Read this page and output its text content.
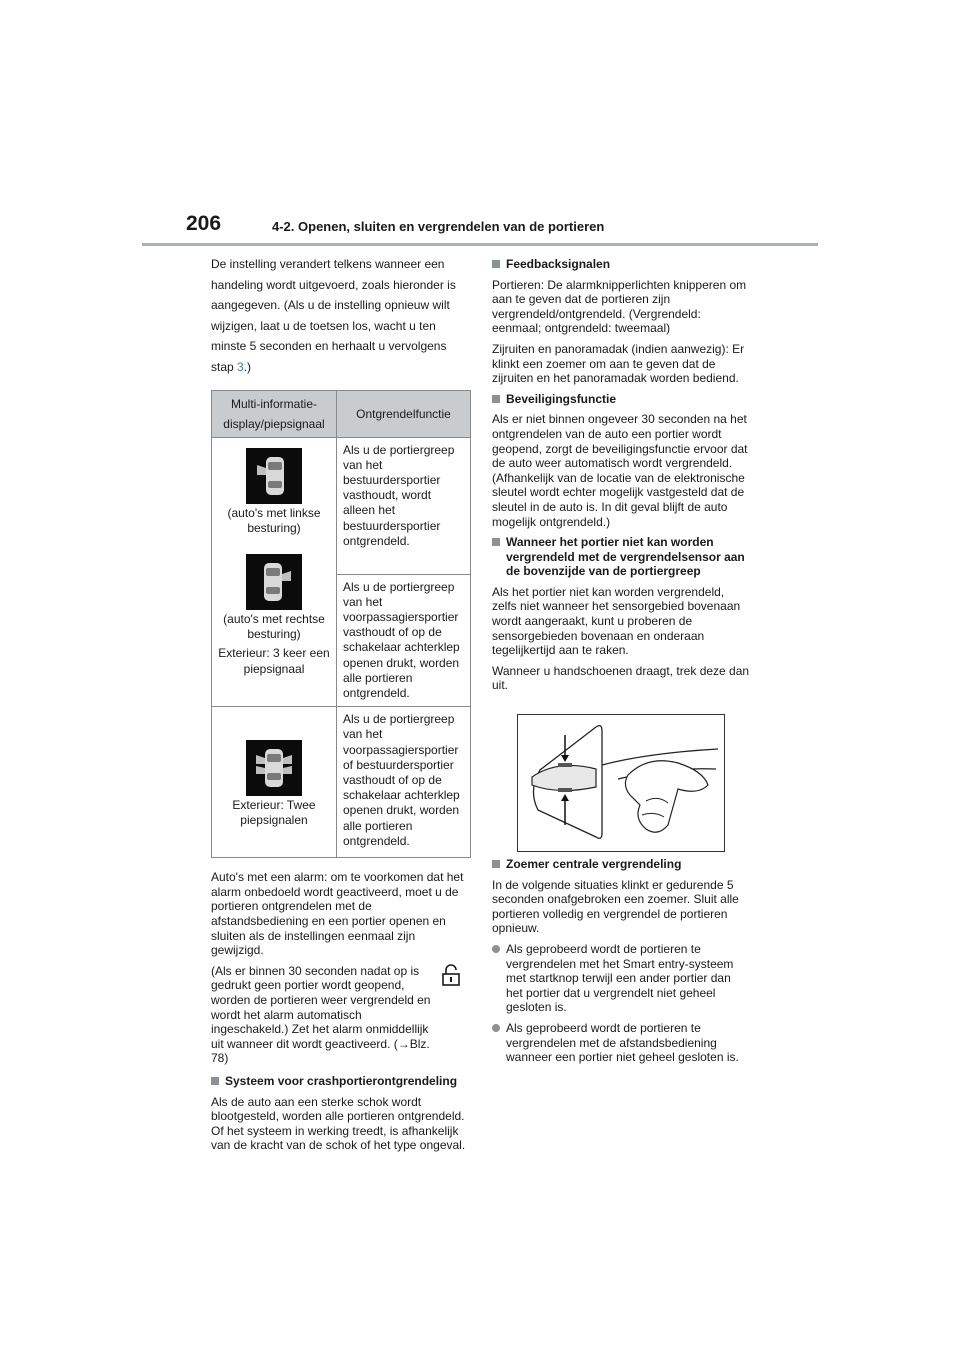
206	4-2. Openen, sluiten en vergrendelen van de portieren

De instelling verandert telkens wanneer een handeling wordt uitgevoerd, zoals hieronder is aangegeven. (Als u de instelling opnieuw wilt wijzigen, laat u de toetsen los, wacht u ten minste 5 seconden en herhaalt u vervolgens stap 3.)

Multi-informatie-display/piepsignaal	Ontgrendelfunctie

(auto's met linkse besturing)
(auto's met rechtse besturing)
Exterieur: 3 keer een piepsignaal	Als u de portiergreep van het bestuurdersportier vasthoudt, wordt alleen het bestuurdersportier ontgrendeld.
	Als u de portiergreep van het voorpassagiersportier vasthoudt of op de schakelaar achterklep openen drukt, worden alle portieren ontgrendeld.

Exterieur: Twee piepsignalen	Als u de portiergreep van het voorpassagiersportier of bestuurdersportier vasthoudt of op de schakelaar achterklep openen drukt, worden alle portieren ontgrendeld.

Auto's met een alarm: om te voorkomen dat het alarm onbedoeld wordt geactiveerd, moet u de portieren ontgrendelen met de afstandsbediening en een portier openen en sluiten als de instellingen eenmaal zijn gewijzigd.

(Als er binnen 30 seconden nadat op is gedrukt geen portier wordt geopend, worden de portieren weer vergrendeld en wordt het alarm automatisch ingeschakeld.) Zet het alarm onmiddellijk uit wanneer dit wordt geactiveerd. (→Blz. 78)

Systeem voor crashportierontgrendeling

Als de auto aan een sterke schok wordt blootgesteld, worden alle portieren ontgrendeld. Of het systeem in werking treedt, is afhankelijk van de kracht van de schok of het type ongeval.

Feedbacksignalen

Portieren: De alarmknipperlichten knipperen om aan te geven dat de portieren zijn vergrendeld/ontgrendeld. (Vergrendeld: eenmaal; ontgrendeld: tweemaal)

Zijruiten en panoramadak (indien aanwezig): Er klinkt een zoemer om aan te geven dat de zijruiten en het panoramadak worden bediend.

Beveiligingsfunctie

Als er niet binnen ongeveer 30 seconden na het ontgrendelen van de auto een portier wordt geopend, zorgt de beveiligingsfunctie ervoor dat de auto weer automatisch wordt vergrendeld. (Afhankelijk van de locatie van de elektronische sleutel wordt echter mogelijk vastgesteld dat de sleutel in de auto is. In dit geval blijft de auto mogelijk ontgrendeld.)

Wanneer het portier niet kan worden vergrendeld met de vergrendelsensor aan de bovenzijde van de portiergreep

Als het portier niet kan worden vergrendeld, zelfs niet wanneer het sensorgebied bovenaan wordt aangeraakt, kunt u proberen de sensorgebieden bovenaan en onderaan tegelijkertijd aan te raken.

Wanneer u handschoenen draagt, trek deze dan uit.

Zoemer centrale vergrendeling

In de volgende situaties klinkt er gedurende 5 seconden onafgebroken een zoemer. Sluit alle portieren volledig en vergrendel de portieren opnieuw.

Als geprobeerd wordt de portieren te vergrendelen met het Smart entry-systeem met startknop terwijl een ander portier dan het portier dat u vergrendelt niet geheel gesloten is.

Als geprobeerd wordt de portieren te vergrendelen met de afstandsbediening wanneer een portier niet geheel gesloten is.
